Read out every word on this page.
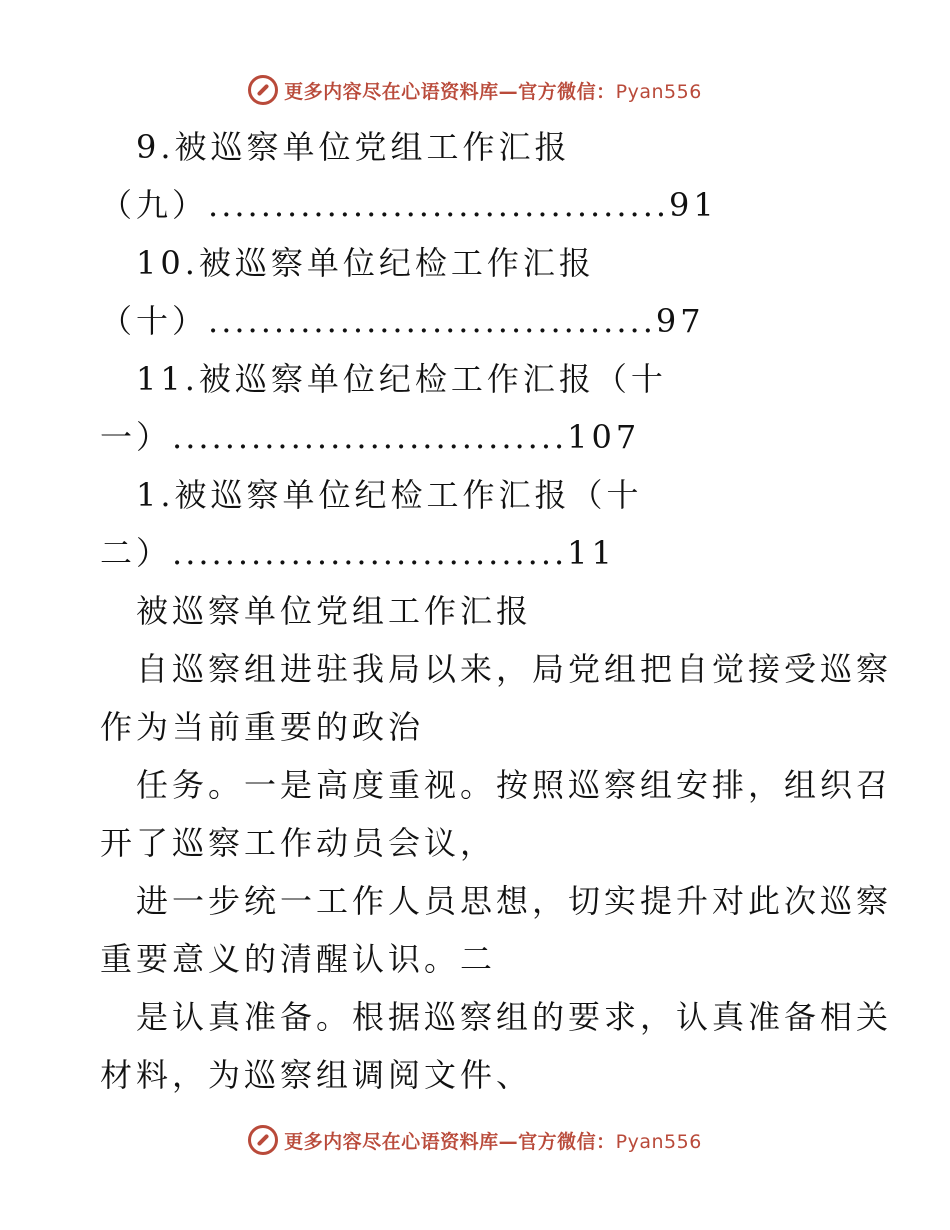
更多内容尽在心语资料库—官方微信：Pyan556
9.被巡察单位党组工作汇报
（九）...................................91
10.被巡察单位纪检工作汇报
（十）..................................97
11.被巡察单位纪检工作汇报（十
一）..............................107
1.被巡察单位纪检工作汇报（十
二）..............................11
被巡察单位党组工作汇报
自巡察组进驻我局以来，局党组把自觉接受巡察
作为当前重要的政治
任务。一是高度重视。按照巡察组安排，组织召
开了巡察工作动员会议，
进一步统一工作人员思想，切实提升对此次巡察
重要意义的清醒认识。二
是认真准备。根据巡察组的要求，认真准备相关
材料，为巡察组调阅文件、
更多内容尽在心语资料库—官方微信：Pyan556
